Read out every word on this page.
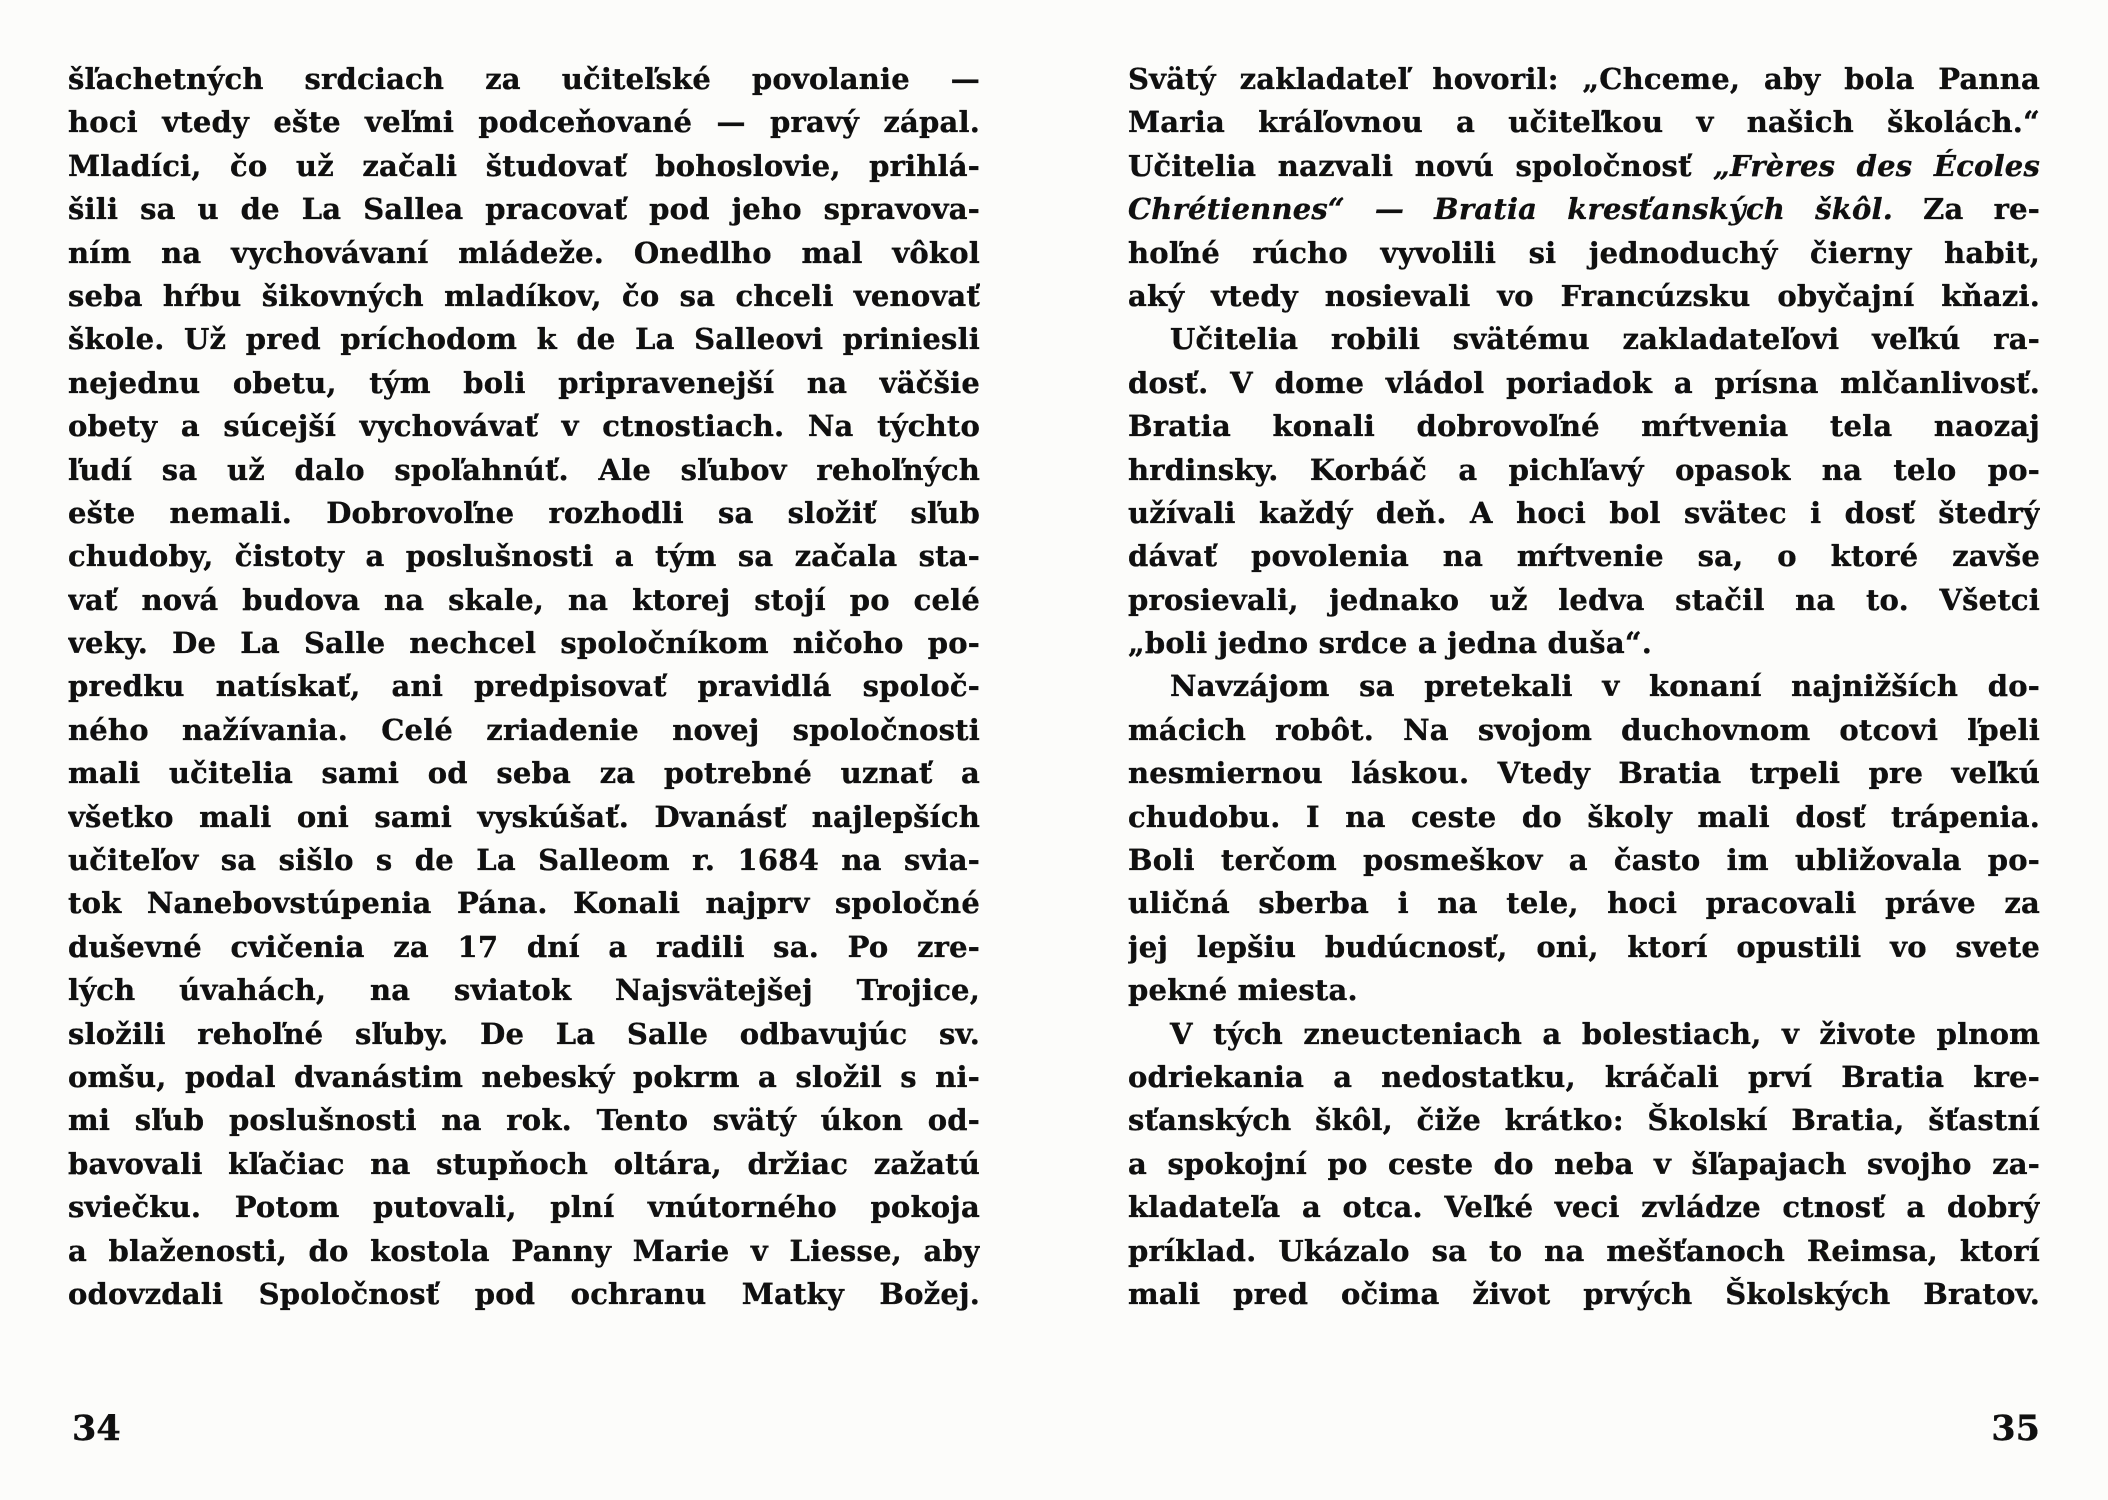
šľachetných srdciach za učiteľské povolanie —
hoci vtedy ešte veľmi podceňované — pravý zápal.
Mladíci, čo už začali študovať bohoslovie, prihlá-
šili sa u de La Sallea pracovať pod jeho spravova-
ním na vychovávaní mládeže. Onedlho mal vôkol
seba hŕbu šikovných mladíkov, čo sa chceli venovať
škole. Už pred príchodom k de La Salleovi priniesli
nejednu obetu, tým boli pripravenejší na väčšie
obety a súcejší vychovávať v ctnostiach. Na týchto
ľudí sa už dalo spoľahnúť. Ale sľubov rehoľných
ešte nemali. Dobrovoľne rozhodli sa složiť sľub
chudoby, čistoty a poslušnosti a tým sa začala sta-
vať nová budova na skale, na ktorej stojí po celé
veky. De La Salle nechcel spoločníkom ničoho po-
predku natískať, ani predpisovať pravidlá spoloč-
ného nažívania. Celé zriadenie novej spoločnosti
mali učitelia sami od seba za potrebné uznať a
všetko mali oni sami vyskúšať. Dvanásť najlepších
učiteľov sa sišlo s de La Salleom r. 1684 na svia-
tok Nanebovstúpenia Pána. Konali najprv spoločné
duševné cvičenia za 17 dní a radili sa. Po zre-
lých úvahách, na sviatok Najsvätejšej Trojice,
složili rehoľné sľuby. De La Salle odbavujúc sv.
omšu, podal dvanástim nebeský pokrm a složil s ni-
mi sľub poslušnosti na rok. Tento svätý úkon od-
bavovali kľačiac na stupňoch oltára, držiac zažatú
sviečku. Potom putovali, plní vnútorného pokoja
a blaženosti, do kostola Panny Marie v Liesse, aby
odovzdali Spoločnosť pod ochranu Matky Božej.
Svätý zakladateľ hovoril: „Chceme, aby bola Panna
Maria kráľovnou a učiteľkou v našich školách.“
Učitelia nazvali novú spoločnosť „Frères des Écoles
Chrétiennes“ — Bratia kresťanských škôl. Za re-
hoľné rúcho vyvolili si jednoduchý čierny habit,
aký vtedy nosievali vo Francúzsku obyčajní kňazi.
Učitelia robili svätému zakladateľovi veľkú ra-
dosť. V dome vládol poriadok a prísna mlčanlivosť.
Bratia konali dobrovoľné mŕtvenia tela naozaj
hrdinsky. Korbáč a pichľavý opasok na telo po-
užívali každý deň. A hoci bol svätec i dosť štedrý
dávať povolenia na mŕtvenie sa, o ktoré zavše
prosievali, jednako už ledva stačil na to. Všetci
„boli jedno srdce a jedna duša“.
Navzájom sa pretekali v konaní najnižších do-
mácich robôt. Na svojom duchovnom otcovi ľpeli
nesmiernou láskou. Vtedy Bratia trpeli pre veľkú
chudobu. I na ceste do školy mali dosť trápenia.
Boli terčom posmeškov a často im ubližovala po-
uličná sberba i na tele, hoci pracovali práve za
jej lepšiu budúcnosť, oni, ktorí opustili vo svete
pekné miesta.
V tých zneucteniach a bolestiach, v živote plnom
odriekania a nedostatku, kráčali prví Bratia kre-
sťanských škôl, čiže krátko: Školskí Bratia, šťastní
a spokojní po ceste do neba v šľapajach svojho za-
kladateľa a otca. Veľké veci zvládze ctnosť a dobrý
príklad. Ukázalo sa to na mešťanoch Reimsa, ktorí
mali pred očima život prvých Školských Bratov.
34	35
